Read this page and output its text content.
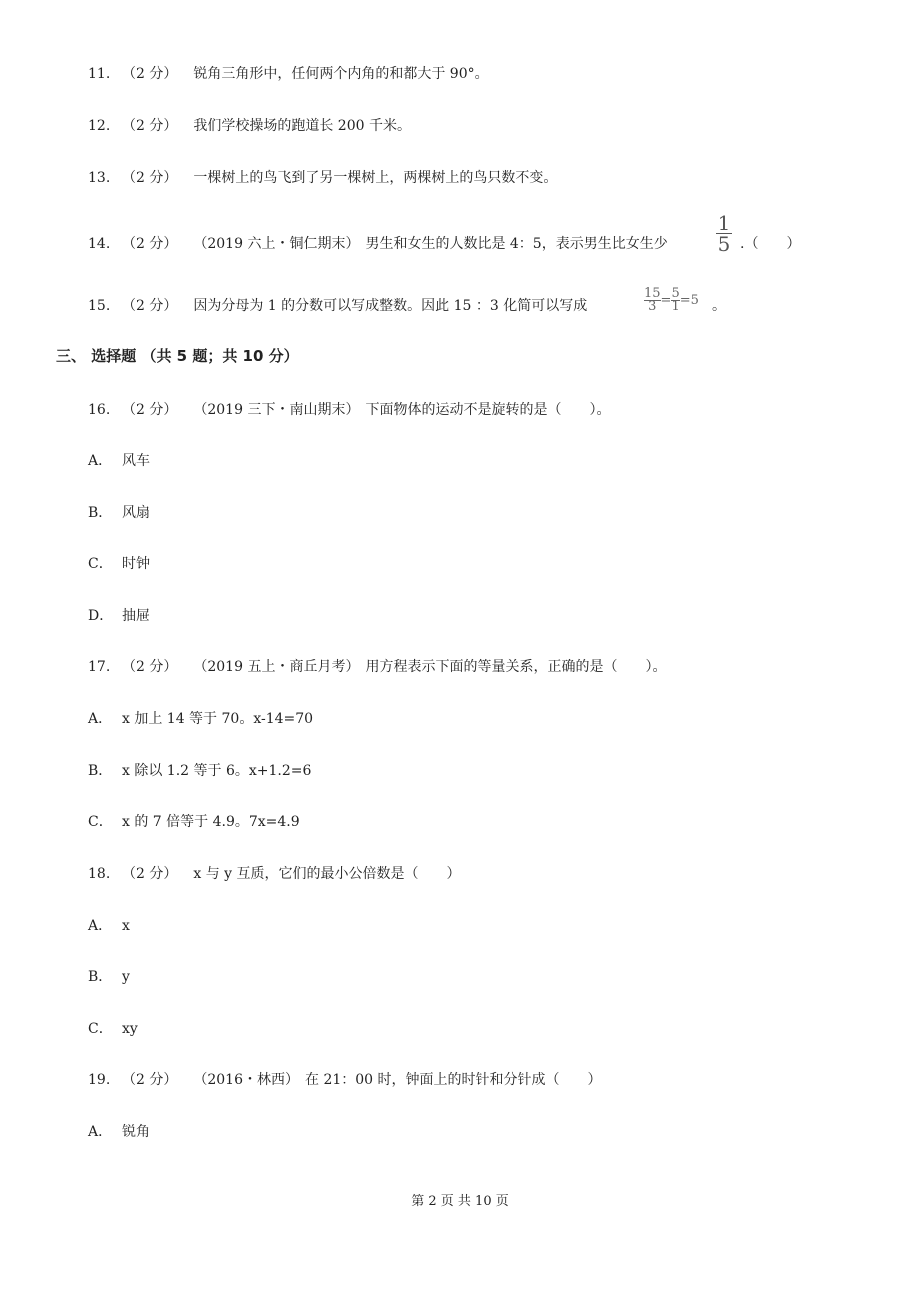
11. （2 分） 锐角三角形中，任何两个内角的和都大于 90°。
12. （2 分） 我们学校操场的跑道长 200 千米。
13. （2 分） 一棵树上的鸟飞到了另一棵树上，两棵树上的鸟只数不变。
14. （2 分） （2019 六上・铜仁期末） 男生和女生的人数比是 4：5，表示男生比女生少
1
5 .（　　）
15. （2 分） 因为分母为 1 的分数可以写成整数。因此 15 ：3 化简可以写成
15
3 = 5
1 = 5 。
三、 选择题 （共 5 题；共 10 分）
16. （2 分） （2019 三下・南山期末） 下面物体的运动不是旋转的是（　　）。
A． 风车
B． 风扇
C． 时钟
D． 抽屉
17. （2 分） （2019 五上・商丘月考） 用方程表示下面的等量关系，正确的是（　　）。
A． x 加上 14 等于 70。x-14=70
B． x 除以 1.2 等于 6。x+1.2=6
C． x 的 7 倍等于 4.9。7x=4.9
18. （2 分） x 与 y 互质，它们的最小公倍数是（　　）
A． x
B． y
C． xy
19. （2 分） （2016・林西） 在 21：00 时，钟面上的时针和分针成（　　）
A． 锐角
第 2 页 共 10 页
